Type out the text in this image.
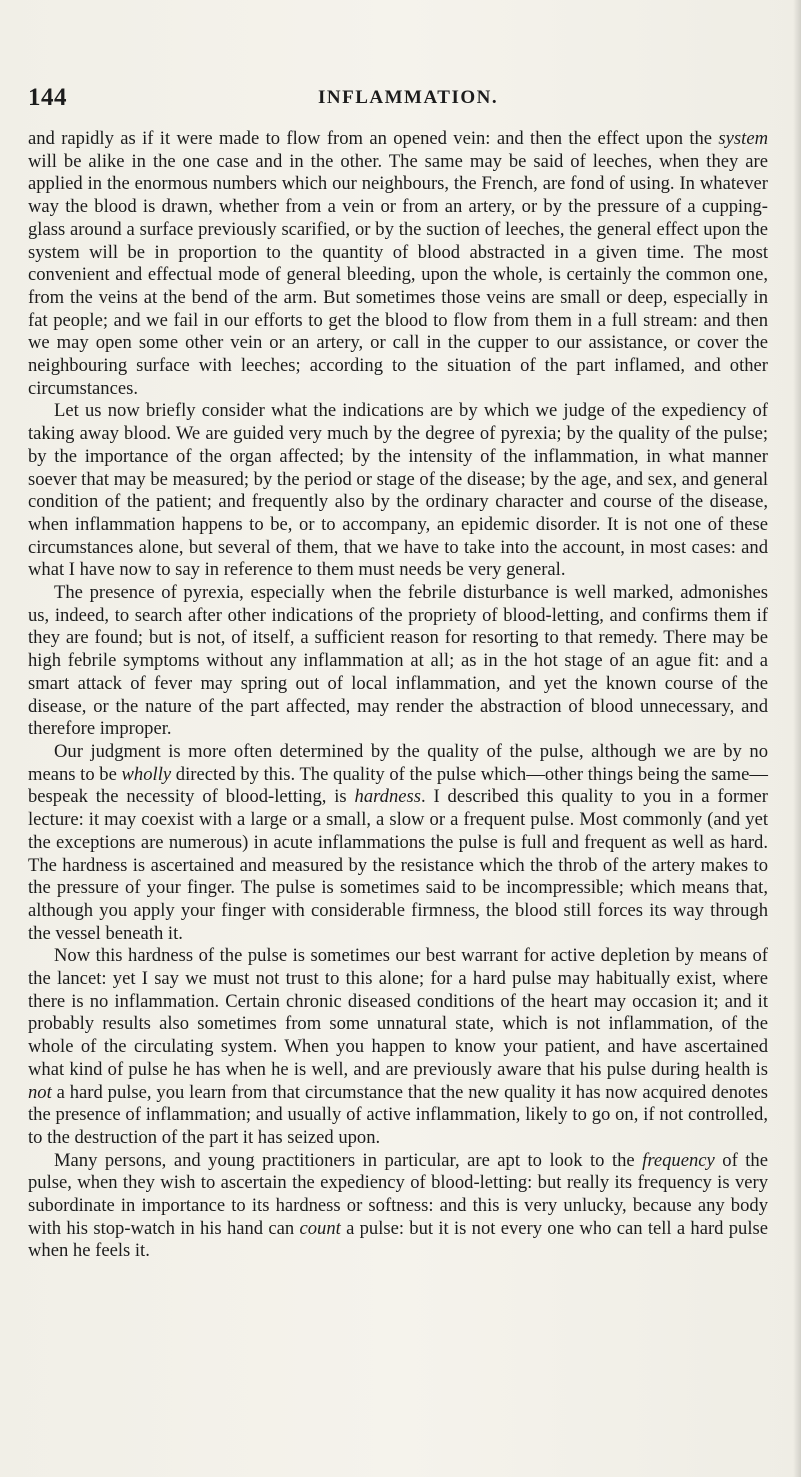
144	INFLAMMATION.

and rapidly as if it were made to flow from an opened vein: and then the effect upon the system will be alike in the one case and in the other. The same may be said of leeches, when they are applied in the enormous numbers which our neighbours, the French, are fond of using. In whatever way the blood is drawn, whether from a vein or from an artery, or by the pressure of a cupping-glass around a surface previously scarified, or by the suction of leeches, the general effect upon the system will be in proportion to the quantity of blood abstracted in a given time. The most convenient and effectual mode of general bleeding, upon the whole, is certainly the common one, from the veins at the bend of the arm. But sometimes those veins are small or deep, especially in fat people; and we fail in our efforts to get the blood to flow from them in a full stream: and then we may open some other vein or an artery, or call in the cupper to our assistance, or cover the neighbouring surface with leeches; according to the situation of the part inflamed, and other circumstances.

Let us now briefly consider what the indications are by which we judge of the expediency of taking away blood. We are guided very much by the degree of pyrexia; by the quality of the pulse; by the importance of the organ affected; by the intensity of the inflammation, in what manner soever that may be measured; by the period or stage of the disease; by the age, and sex, and general condition of the patient; and frequently also by the ordinary character and course of the disease, when inflammation happens to be, or to accompany, an epidemic disorder. It is not one of these circumstances alone, but several of them, that we have to take into the account, in most cases: and what I have now to say in reference to them must needs be very general.

The presence of pyrexia, especially when the febrile disturbance is well marked, admonishes us, indeed, to search after other indications of the propriety of blood-letting, and confirms them if they are found; but is not, of itself, a sufficient reason for resorting to that remedy. There may be high febrile symptoms without any inflammation at all; as in the hot stage of an ague fit: and a smart attack of fever may spring out of local inflammation, and yet the known course of the disease, or the nature of the part affected, may render the abstraction of blood unnecessary, and therefore improper.

Our judgment is more often determined by the quality of the pulse, although we are by no means to be wholly directed by this. The quality of the pulse which—other things being the same—bespeak the necessity of blood-letting, is hardness. I described this quality to you in a former lecture: it may coexist with a large or a small, a slow or a frequent pulse. Most commonly (and yet the exceptions are numerous) in acute inflammations the pulse is full and frequent as well as hard. The hardness is ascertained and measured by the resistance which the throb of the artery makes to the pressure of your finger. The pulse is sometimes said to be incompressible; which means that, although you apply your finger with considerable firmness, the blood still forces its way through the vessel beneath it.

Now this hardness of the pulse is sometimes our best warrant for active depletion by means of the lancet: yet I say we must not trust to this alone; for a hard pulse may habitually exist, where there is no inflammation. Certain chronic diseased conditions of the heart may occasion it; and it probably results also sometimes from some unnatural state, which is not inflammation, of the whole of the circulating system. When you happen to know your patient, and have ascertained what kind of pulse he has when he is well, and are previously aware that his pulse during health is not a hard pulse, you learn from that circumstance that the new quality it has now acquired denotes the presence of inflammation; and usually of active inflammation, likely to go on, if not controlled, to the destruction of the part it has seized upon.

Many persons, and young practitioners in particular, are apt to look to the frequency of the pulse, when they wish to ascertain the expediency of blood-letting: but really its frequency is very subordinate in importance to its hardness or softness: and this is very unlucky, because any body with his stop-watch in his hand can count a pulse: but it is not every one who can tell a hard pulse when he feels it.
